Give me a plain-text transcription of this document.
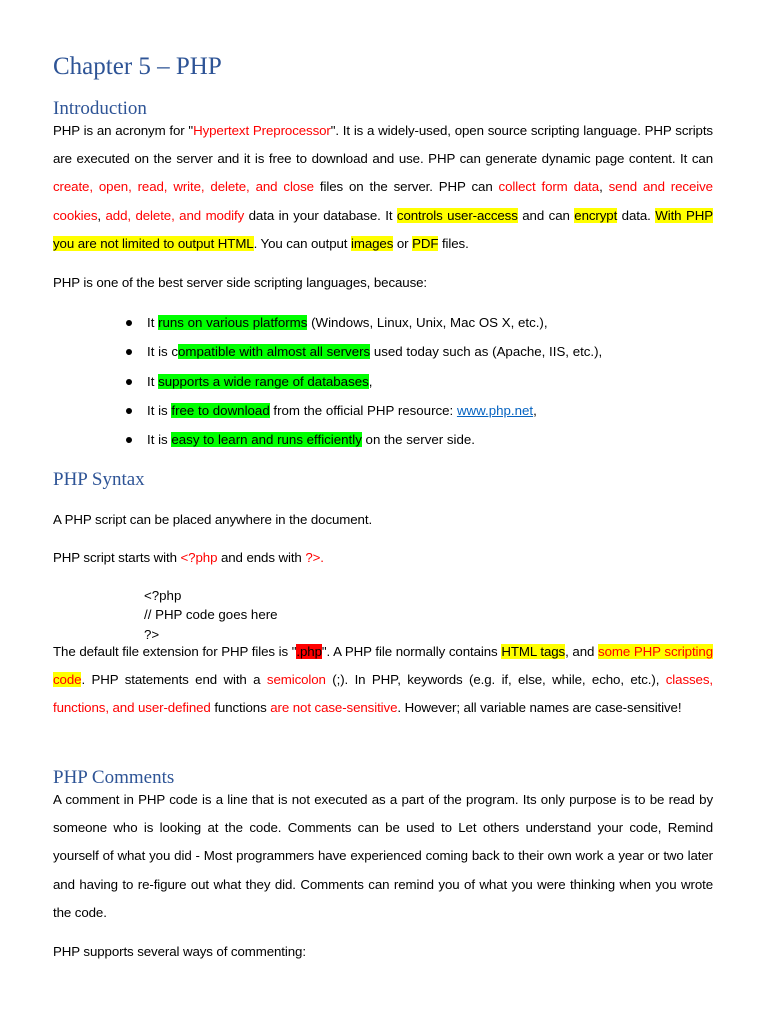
Chapter 5 – PHP
Introduction

PHP is an acronym for "Hypertext Preprocessor". It is a widely-used, open source scripting language. PHP scripts are executed on the server and it is free to download and use. PHP can generate dynamic page content. It can create, open, read, write, delete, and close files on the server. PHP can collect form data, send and receive cookies, add, delete, and modify data in your database. It controls user-access and can encrypt data. With PHP you are not limited to output HTML. You can output images or PDF files.

PHP is one of the best server side scripting languages, because:

It runs on various platforms (Windows, Linux, Unix, Mac OS X, etc.),
It is compatible with almost all servers used today such as (Apache, IIS, etc.),
It supports a wide range of databases,
It is free to download from the official PHP resource: www.php.net,
It is easy to learn and runs efficiently on the server side.
PHP Syntax

A PHP script can be placed anywhere in the document.

PHP script starts with <?php and ends with ?>.

<?php
// PHP code goes here
?>

The default file extension for PHP files is ".php". A PHP file normally contains HTML tags, and some PHP scripting code. PHP statements end with a semicolon (;). In PHP, keywords (e.g. if, else, while, echo, etc.), classes, functions, and user-defined functions are not case-sensitive. However; all variable names are case-sensitive!

PHP Comments

A comment in PHP code is a line that is not executed as a part of the program. Its only purpose is to be read by someone who is looking at the code. Comments can be used to Let others understand your code, Remind yourself of what you did - Most programmers have experienced coming back to their own work a year or two later and having to re-figure out what they did. Comments can remind you of what you were thinking when you wrote the code.

PHP supports several ways of commenting:
